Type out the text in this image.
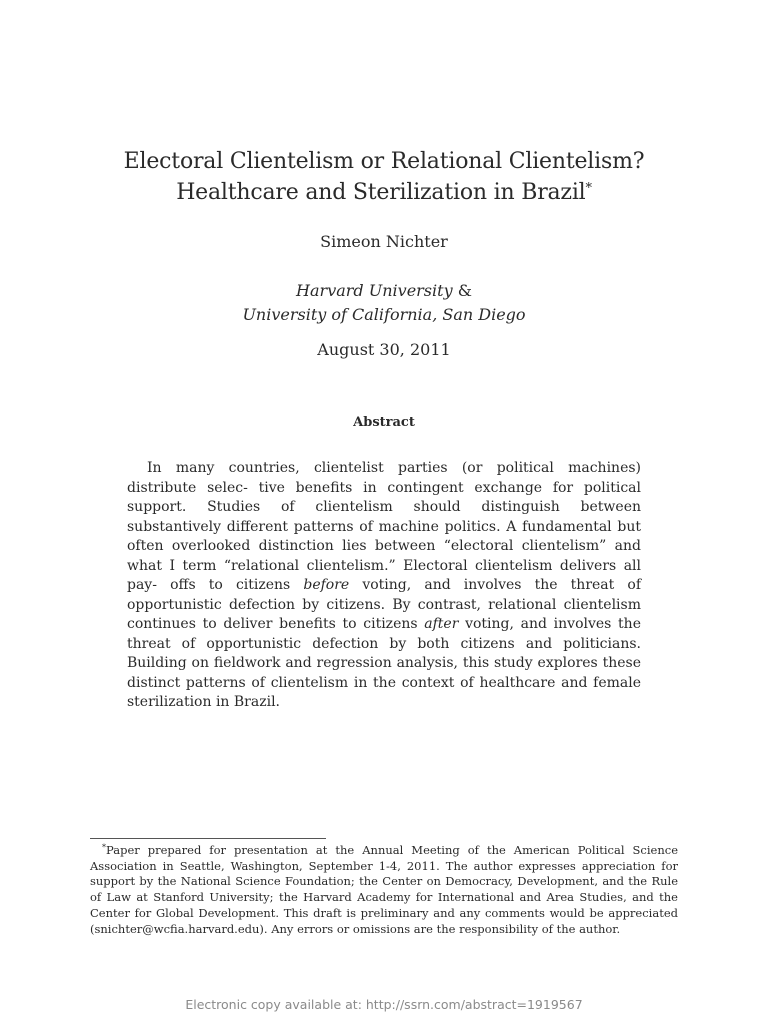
Electoral Clientelism or Relational Clientelism?
Healthcare and Sterilization in Brazil*
Simeon Nichter
Harvard University &
University of California, San Diego
August 30, 2011
Abstract

In many countries, clientelist parties (or political machines) distribute selec- tive benefits in contingent exchange for political support. Studies of clientelism should distinguish between substantively different patterns of machine politics. A fundamental but often overlooked distinction lies between “electoral clientelism” and what I term “relational clientelism.” Electoral clientelism delivers all pay- offs to citizens before voting, and involves the threat of opportunistic defection by citizens. By contrast, relational clientelism continues to deliver benefits to citizens after voting, and involves the threat of opportunistic defection by both citizens and politicians. Building on fieldwork and regression analysis, this study explores these distinct patterns of clientelism in the context of healthcare and female sterilization in Brazil.

*Paper prepared for presentation at the Annual Meeting of the American Political Science Association in Seattle, Washington, September 1-4, 2011. The author expresses appreciation for support by the National Science Foundation; the Center on Democracy, Development, and the Rule of Law at Stanford University; the Harvard Academy for International and Area Studies, and the Center for Global Development. This draft is preliminary and any comments would be appreciated (snichter@wcfia.harvard.edu). Any errors or omissions are the responsibility of the author.

Electronic copy available at: http://ssrn.com/abstract=1919567
